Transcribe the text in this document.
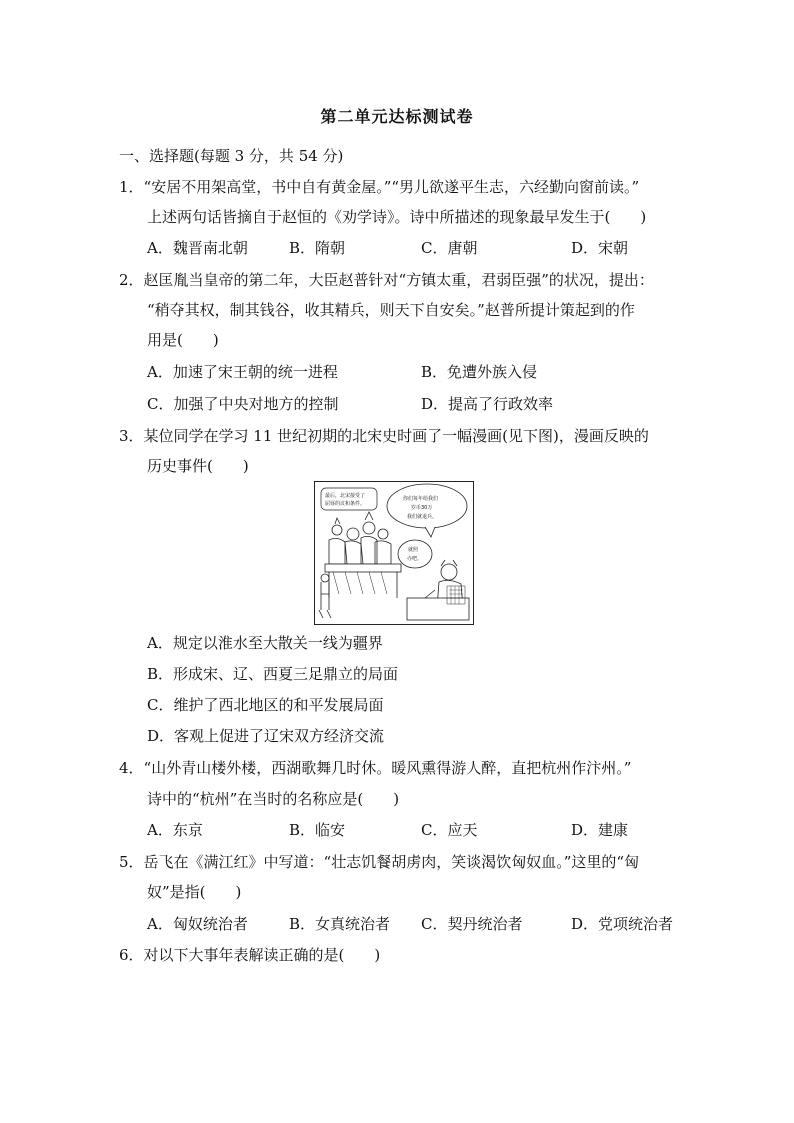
第二单元达标测试卷
一、选择题(每题 3 分，共 54 分)
1．“安居不用架高堂，书中自有黄金屋。”“男儿欲遂平生志，六经勤向窗前读。”
上述两句话皆摘自于赵恒的《劝学诗》。诗中所描述的现象最早发生于(　　)
A．魏晋南北朝	B．隋朝	C．唐朝	D．宋朝
2．赵匡胤当皇帝的第二年，大臣赵普针对“方镇太重，君弱臣强”的状况，提出：
“稍夺其权，制其钱谷，收其精兵，则天下自安矣。”赵普所提计策起到的作
用是(　　)
A．加速了宋王朝的统一进程	B．免遭外族入侵
C．加强了中央对地方的控制	D．提高了行政效率
3．某位同学在学习 11 世纪初期的北宋史时画了一幅漫画(见下图)，漫画反映的
历史事件(　　)
最后，北宋接受了
屈辱的议和条件。
你们每年给我们
岁币30万
我们就退兵。
就照
办吧。
A．规定以淮水至大散关一线为疆界
B．形成宋、辽、西夏三足鼎立的局面
C．维护了西北地区的和平发展局面
D．客观上促进了辽宋双方经济交流
4．“山外青山楼外楼，西湖歌舞几时休。暖风熏得游人醉，直把杭州作汴州。”
诗中的“杭州”在当时的名称应是(　　)
A．东京	B．临安	C．应天	D．建康
5．岳飞在《满江红》中写道：“壮志饥餐胡虏肉，笑谈渴饮匈奴血。”这里的“匈
奴”是指(　　)
A．匈奴统治者	B．女真统治者 C．契丹统治者	D．党项统治者
6．对以下大事年表解读正确的是(　　)
